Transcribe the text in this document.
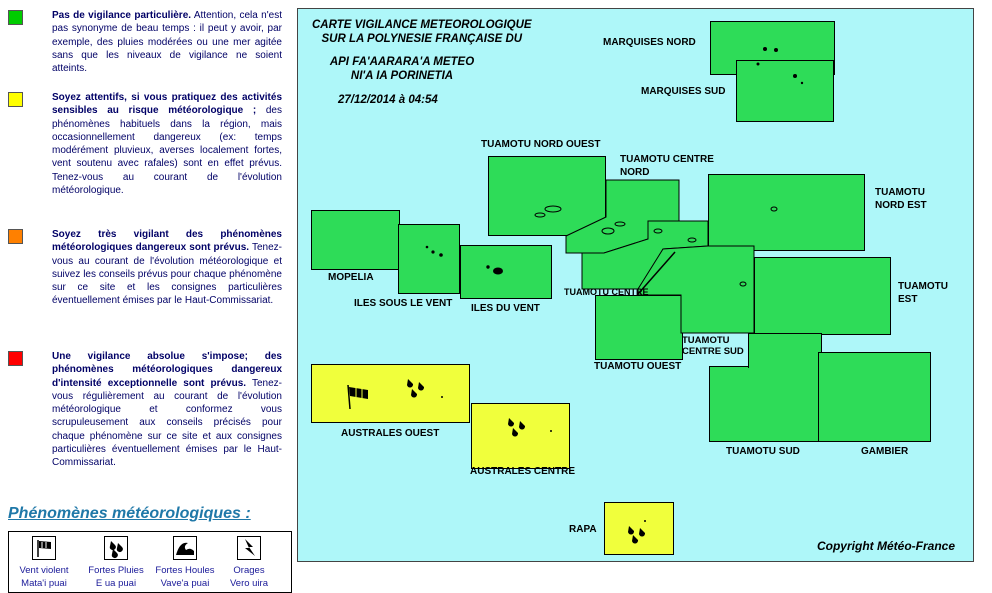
Pas de vigilance particulière. Attention, cela n'est pas synonyme de beau temps : il peut y avoir, par exemple, des pluies modérées ou une mer agitée sans que les niveaux de vigilance ne soient atteints.
Soyez attentifs, si vous pratiquez des activités sensibles au risque météorologique ; des phénomènes habituels dans la région, mais occasionnellement dangereux (ex: temps modérément pluvieux, averses localement fortes, vent soutenu avec rafales) sont en effet prévus. Tenez-vous au courant de l'évolution météorologique.
Soyez très vigilant des phénomènes météorologiques dangereux sont prévus. Tenez-vous au courant de l'évolution météorologique et suivez les conseils prévus pour chaque phénomène sur ce site et les consignes particulières éventuellement émises par le Haut-Commissariat.
Une vigilance absolue s'impose; des phénomènes météorologiques dangereux d'intensité exceptionnelle sont prévus. Tenez-vous régulièrement au courant de l'évolution météorologique et conformez vous scrupuleusement aux conseils précisés pour chaque phénomène sur ce site et aux consignes particulières éventuellement émises par le Haut-Commissariat.
Phénomènes météorologiques :
Vent violent
Mata'i puai
Fortes Pluies
E ua puai
Fortes Houles
Vave'a puai
Orages
Vero uira
CARTE VIGILANCE METEOROLOGIQUE
SUR LA POLYNESIE FRANÇAISE DU
API FA'AARARA'A METEO
NI'A IA PORINETIA
27/12/2014 à 04:54
MARQUISES NORD
MARQUISES SUD
TUAMOTU NORD OUEST
TUAMOTU CENTRE NORD
TUAMOTU NORD EST
MOPELIA
ILES SOUS LE VENT ILES DU VENT
TUAMOTU CENTRE	TUAMOTU EST
TUAMOTU OUEST
TUAMOTU CENTRE SUD
TUAMOTU SUD	GAMBIER
AUSTRALES OUEST
AUSTRALES CENTRE
RAPA
Copyright Météo-France
